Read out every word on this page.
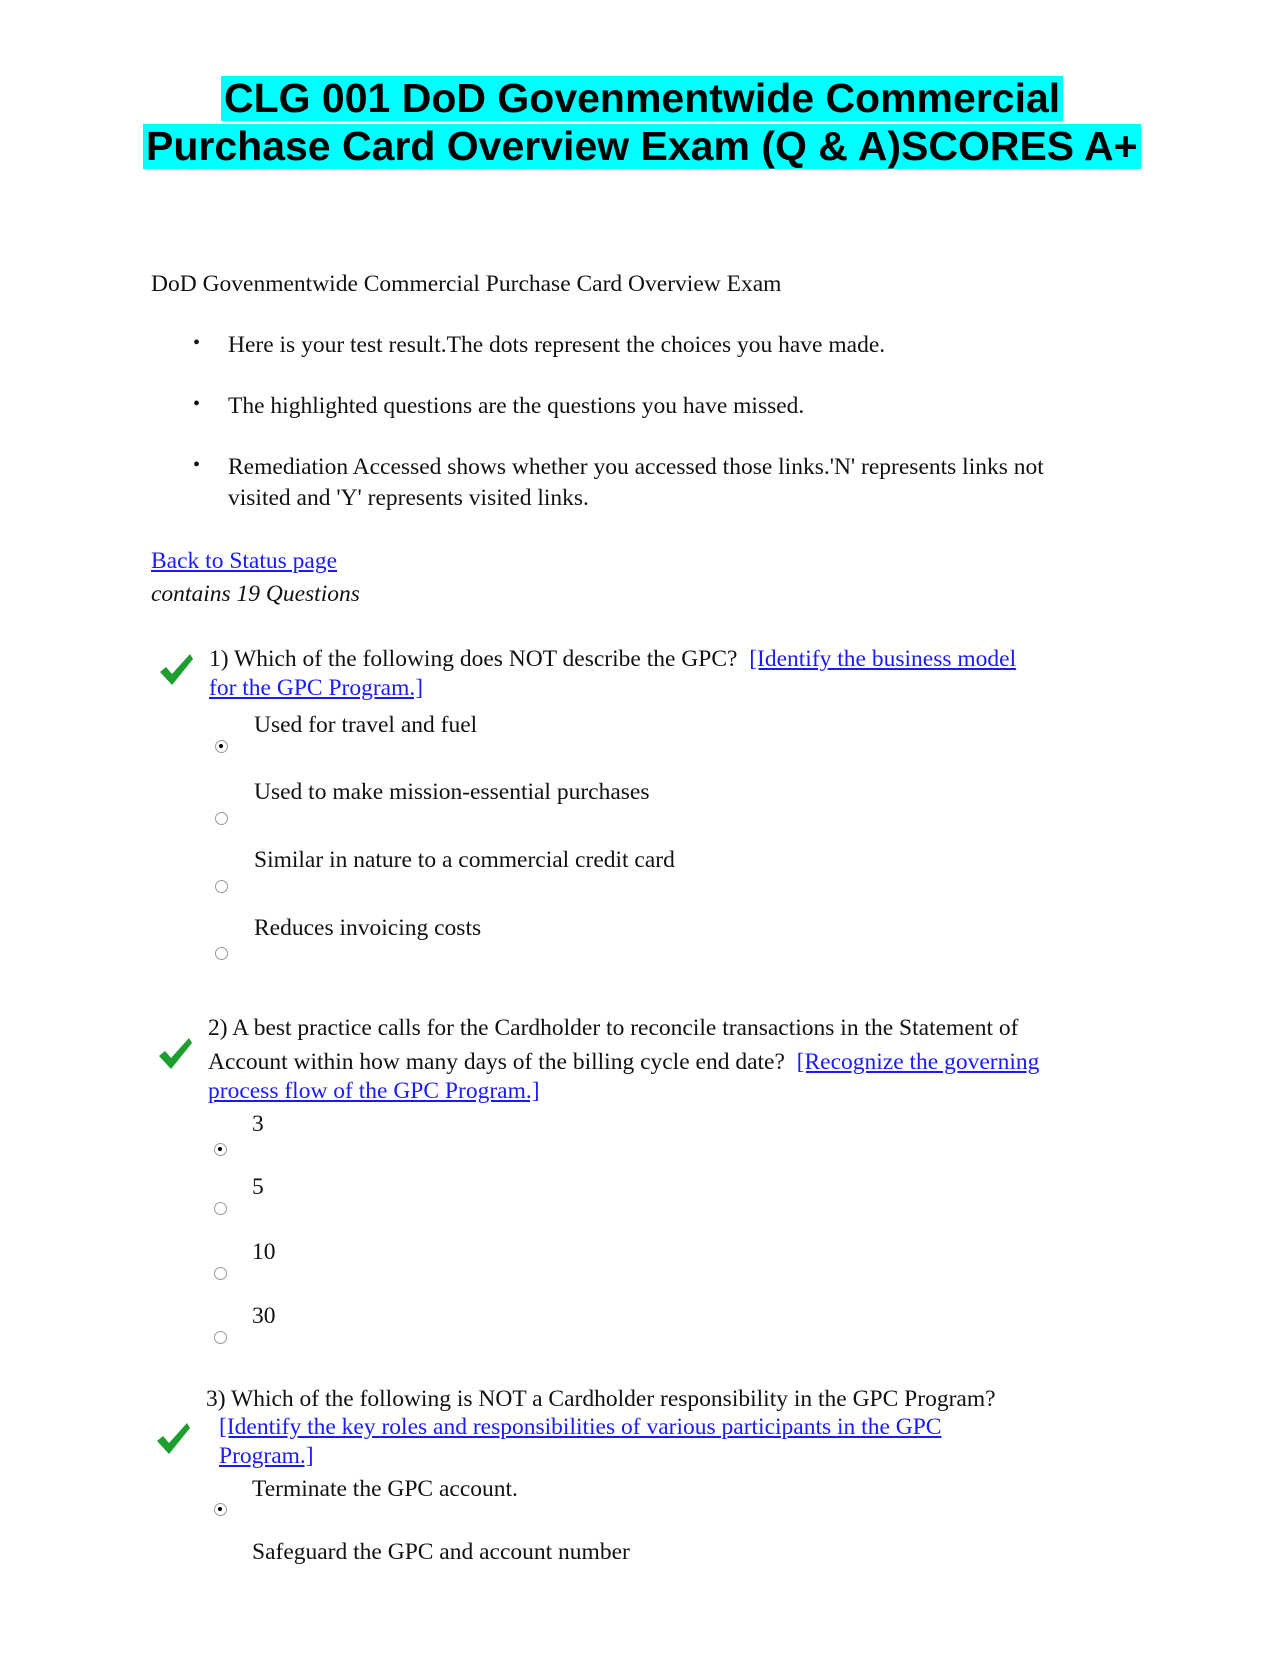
CLG 001 DoD Govenmentwide Commercial
Purchase Card Overview Exam (Q & A)SCORES A+
DoD Govenmentwide Commercial Purchase Card Overview Exam
• Here is your test result.The dots represent the choices you have made.
• The highlighted questions are the questions you have missed.
• Remediation Accessed shows whether you accessed those links.'N' represents links not
visited and 'Y' represents visited links.
Back to Status page
contains 19 Questions
1) Which of the following does NOT describe the GPC? [Identify the business model
for the GPC Program.]
Used for travel and fuel
Used to make mission-essential purchases
Similar in nature to a commercial credit card
Reduces invoicing costs
2) A best practice calls for the Cardholder to reconcile transactions in the Statement of
Account within how many days of the billing cycle end date? [Recognize the governing
process flow of the GPC Program.]
3
5
10
30
3) Which of the following is NOT a Cardholder responsibility in the GPC Program?
[Identify the key roles and responsibilities of various participants in the GPC
Program.]
Terminate the GPC account.
Safeguard the GPC and account number
